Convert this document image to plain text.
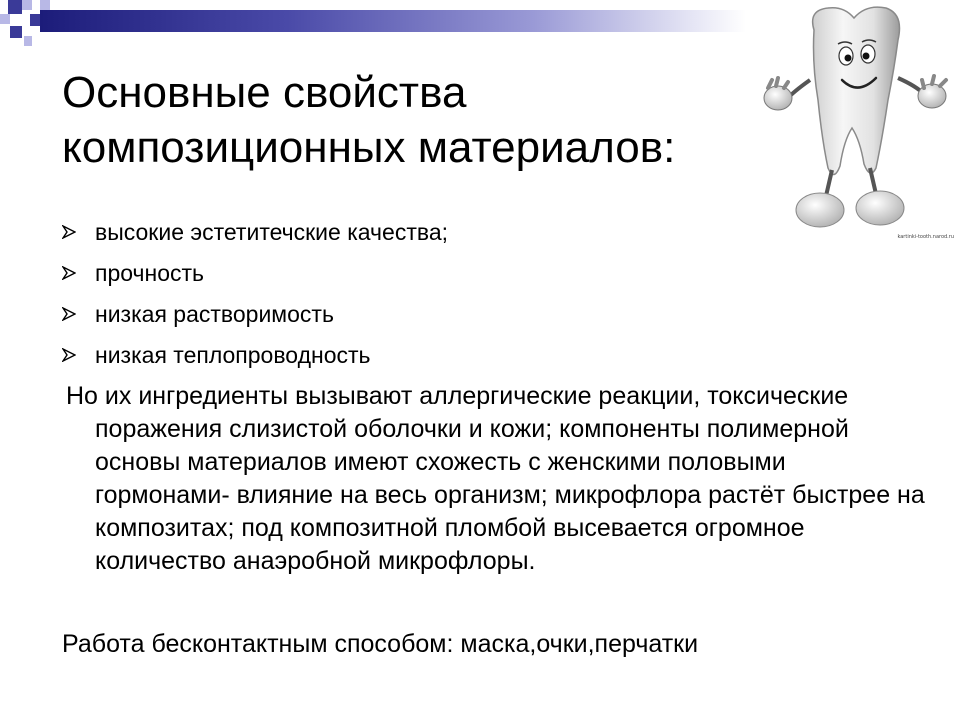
Основные свойства композиционных материалов:
высокие эстетитечские качества;
прочность
низкая растворимость
низкая теплопроводность

Но их ингредиенты вызывают аллергические реакции, токсические поражения слизистой оболочки и кожи; компоненты полимерной основы материалов имеют схожесть с женскими половыми гормонами- влияние на весь организм; микрофлора растёт быстрее на композитах; под композитной пломбой высевается огромное количество анаэробной микрофлоры.

Работа бесконтактным способом: маска,очки,перчатки

kartinki-tooth.narod.ru
